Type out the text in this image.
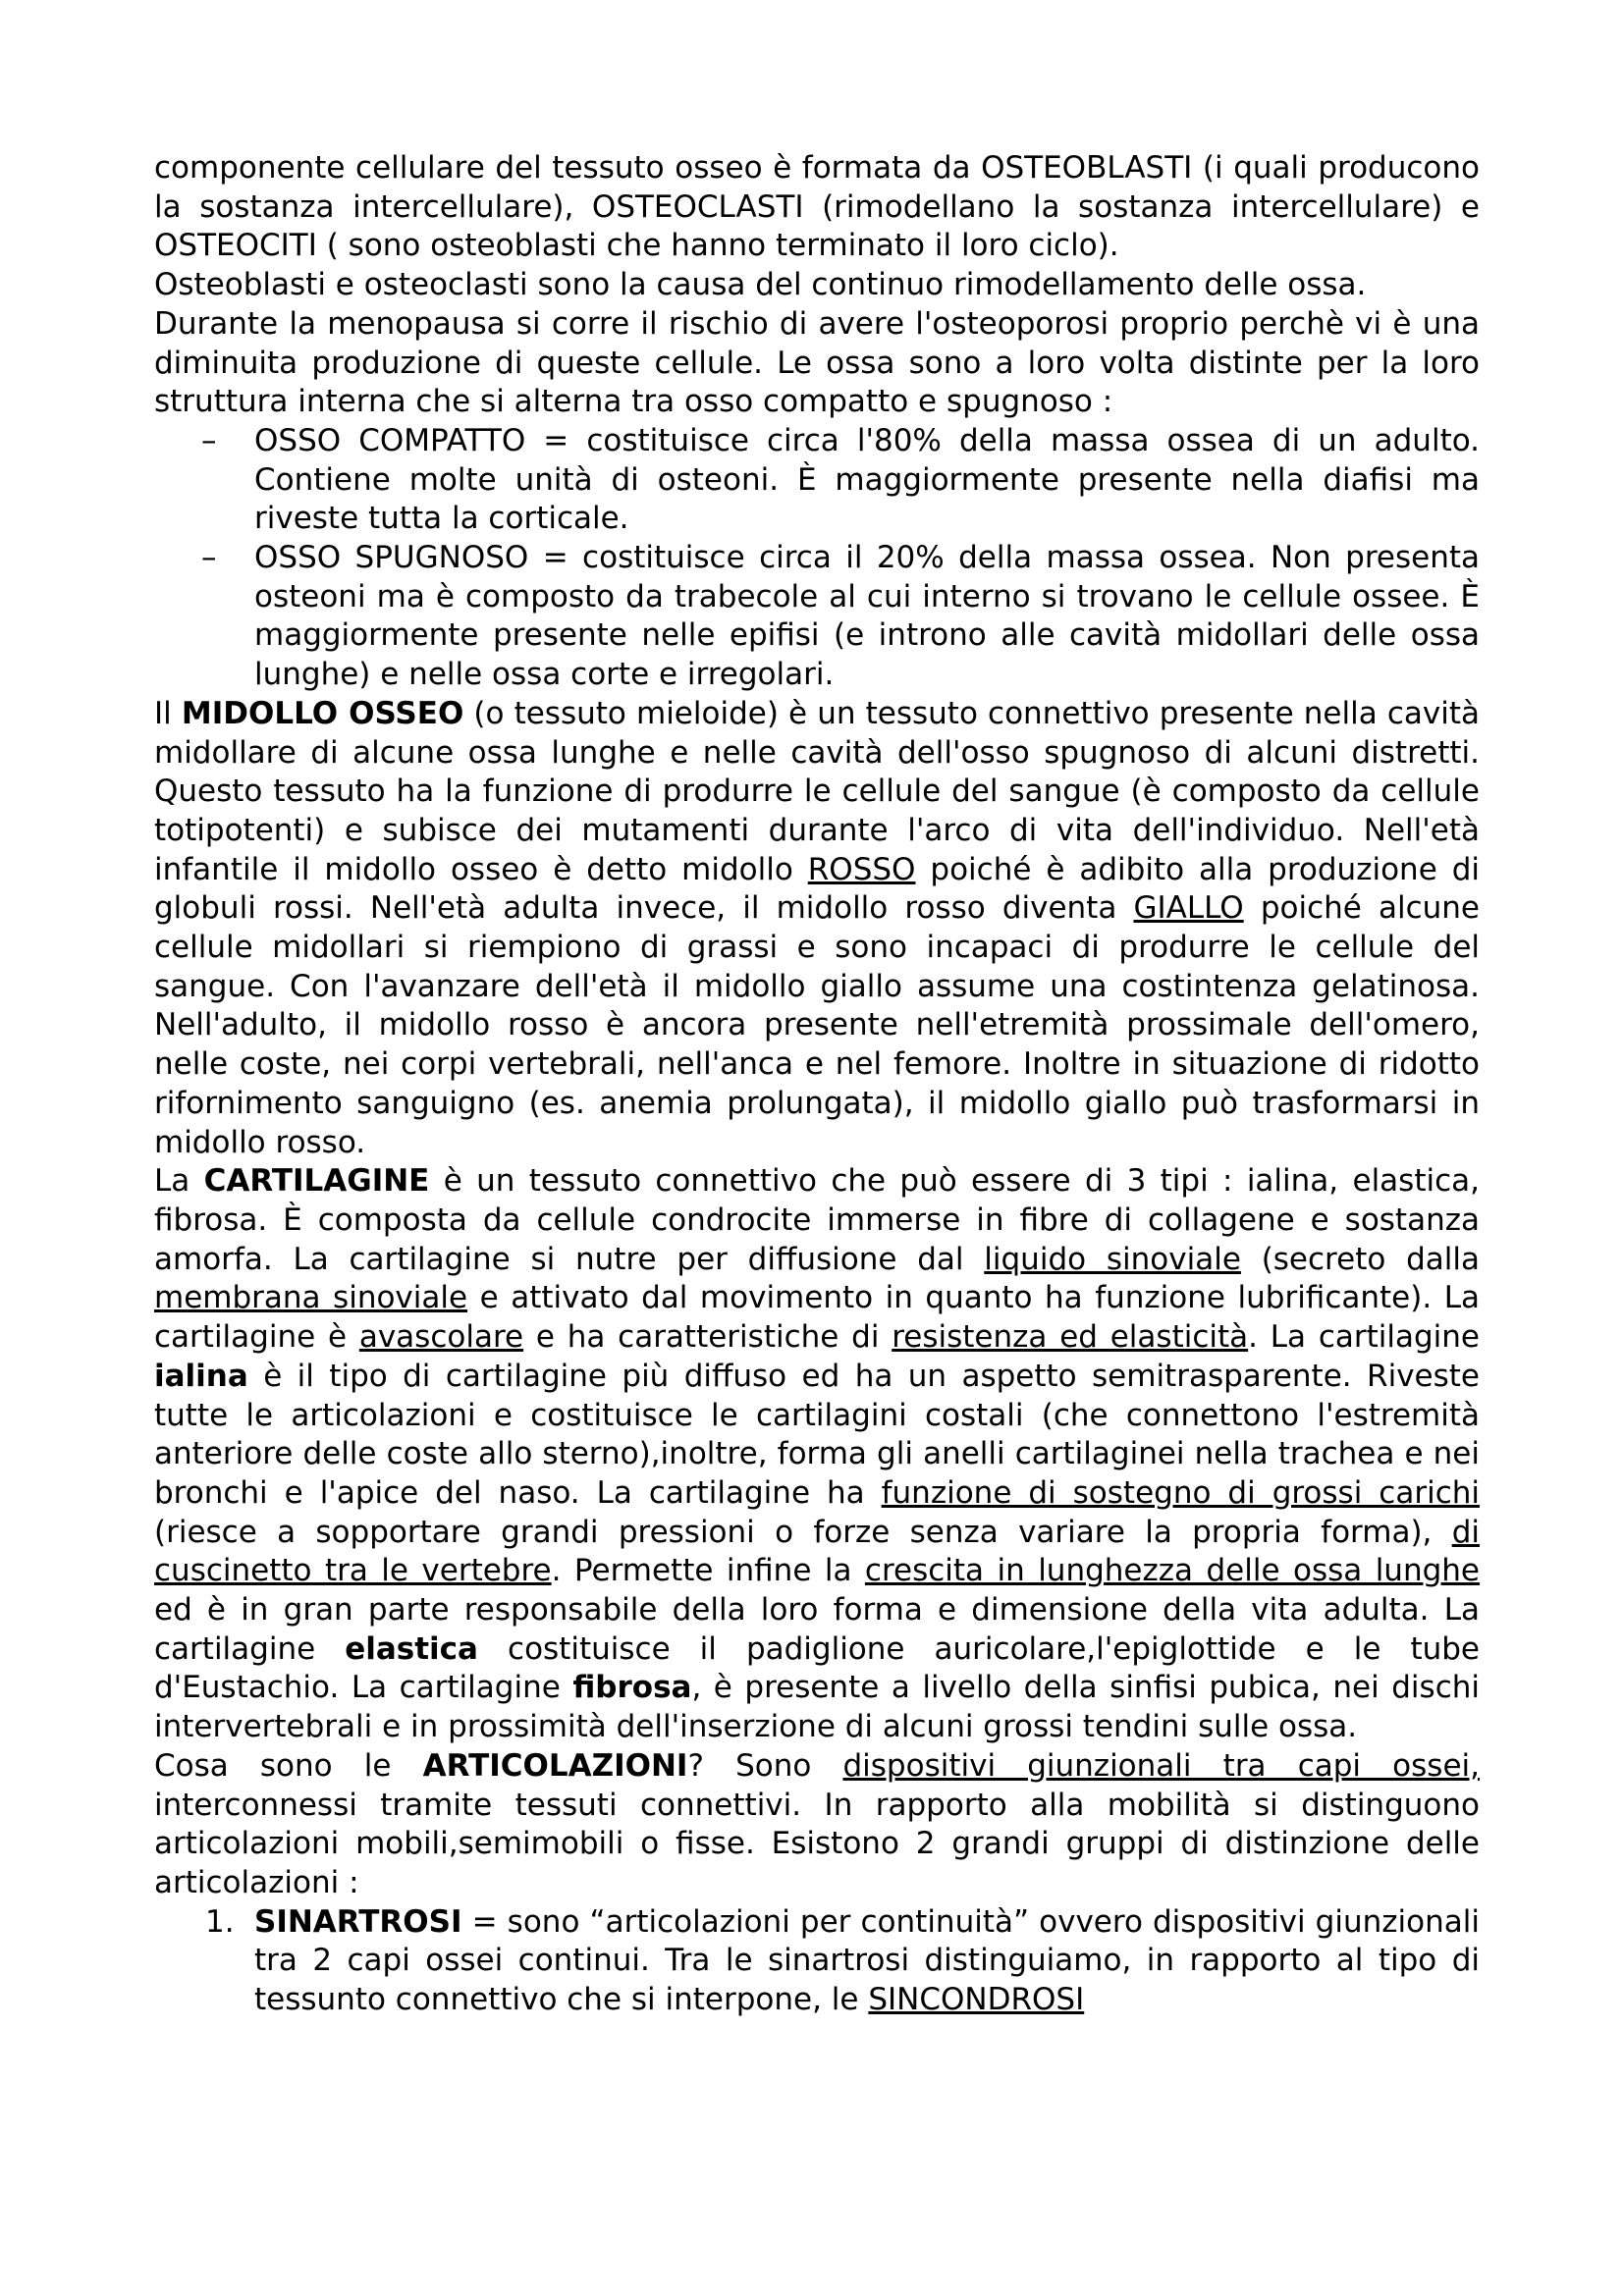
componente cellulare del tessuto osseo è formata da OSTEOBLASTI (i quali producono la sostanza intercellulare), OSTEOCLASTI (rimodellano la sostanza intercellulare) e OSTEOCITI ( sono osteoblasti che hanno terminato il loro ciclo).

Osteoblasti e osteoclasti sono la causa del continuo rimodellamento delle ossa.

Durante la menopausa si corre il rischio di avere l'osteoporosi proprio perchè vi è una diminuita produzione di queste cellule. Le ossa sono a loro volta distinte per la loro struttura interna che si alterna tra osso compatto e spugnoso :

– OSSO COMPATTO = costituisce circa l'80% della massa ossea di un adulto. Contiene molte unità di osteoni. È maggiormente presente nella diafisi ma riveste tutta la corticale.
– OSSO SPUGNOSO = costituisce circa il 20% della massa ossea. Non presenta osteoni ma è composto da trabecole al cui interno si trovano le cellule ossee. È maggiormente presente nelle epifisi (e introno alle cavità midollari delle ossa lunghe) e nelle ossa corte e irregolari.

Il MIDOLLO OSSEO (o tessuto mieloide) è un tessuto connettivo presente nella cavità midollare di alcune ossa lunghe e nelle cavità dell'osso spugnoso di alcuni distretti. Questo tessuto ha la funzione di produrre le cellule del sangue (è composto da cellule totipotenti) e subisce dei mutamenti durante l'arco di vita dell'individuo. Nell'età infantile il midollo osseo è detto midollo ROSSO poiché è adibito alla produzione di globuli rossi. Nell'età adulta invece, il midollo rosso diventa GIALLO poiché alcune cellule midollari si riempiono di grassi e sono incapaci di produrre le cellule del sangue. Con l'avanzare dell'età il midollo giallo assume una costintenza gelatinosa. Nell'adulto, il midollo rosso è ancora presente nell'etremità prossimale dell'omero, nelle coste, nei corpi vertebrali, nell'anca e nel femore. Inoltre in situazione di ridotto rifornimento sanguigno (es. anemia prolungata), il midollo giallo può trasformarsi in midollo rosso.

La CARTILAGINE è un tessuto connettivo che può essere di 3 tipi : ialina, elastica, fibrosa. È composta da cellule condrocite immerse in fibre di collagene e sostanza amorfa. La cartilagine si nutre per diffusione dal liquido sinoviale (secreto dalla membrana sinoviale e attivato dal movimento in quanto ha funzione lubrificante). La cartilagine è avascolare e ha caratteristiche di resistenza ed elasticità. La cartilagine ialina è il tipo di cartilagine più diffuso ed ha un aspetto semitrasparente. Riveste tutte le articolazioni e costituisce le cartilagini costali (che connettono l'estremità anteriore delle coste allo sterno),inoltre, forma gli anelli cartilaginei nella trachea e nei bronchi e l'apice del naso. La cartilagine ha funzione di sostegno di grossi carichi (riesce a sopportare grandi pressioni o forze senza variare la propria forma), di cuscinetto tra le vertebre. Permette infine la crescita in lunghezza delle ossa lunghe ed è in gran parte responsabile della loro forma e dimensione della vita adulta. La cartilagine elastica costituisce il padiglione auricolare,l'epiglottide e le tube d'Eustachio. La cartilagine fibrosa, è presente a livello della sinfisi pubica, nei dischi intervertebrali e in prossimità dell'inserzione di alcuni grossi tendini sulle ossa.

Cosa sono le ARTICOLAZIONI? Sono dispositivi giunzionali tra capi ossei, interconnessi tramite tessuti connettivi. In rapporto alla mobilità si distinguono articolazioni mobili,semimobili o fisse. Esistono 2 grandi gruppi di distinzione delle articolazioni :

1. SINARTROSI = sono “articolazioni per continuità” ovvero dispositivi giunzionali tra 2 capi ossei continui. Tra le sinartrosi distinguiamo, in rapporto al tipo di tessunto connettivo che si interpone, le SINCONDROSI
